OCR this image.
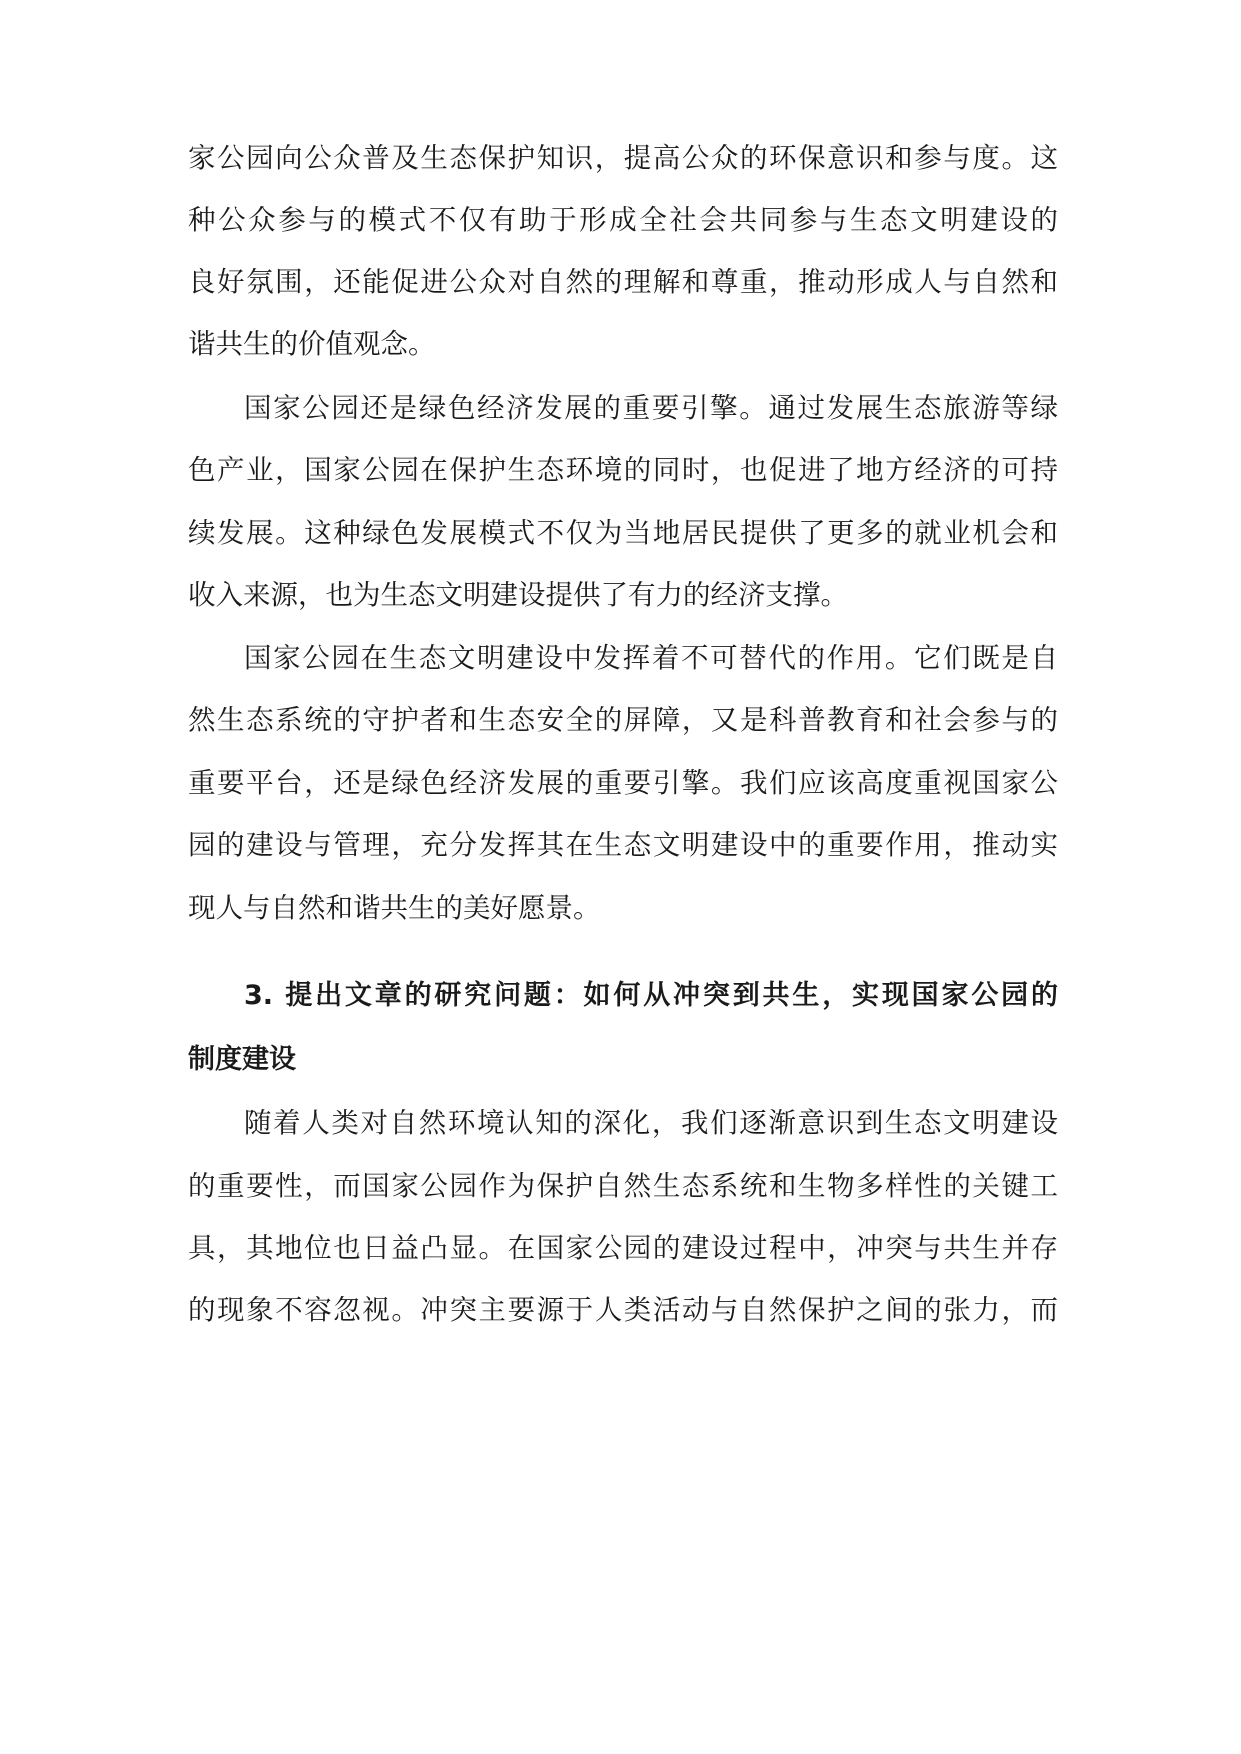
家公园向公众普及生态保护知识，提高公众的环保意识和参与度。这
种公众参与的模式不仅有助于形成全社会共同参与生态文明建设的
良好氛围，还能促进公众对自然的理解和尊重，推动形成人与自然和
谐共生的价值观念。
国家公园还是绿色经济发展的重要引擎。通过发展生态旅游等绿
色产业，国家公园在保护生态环境的同时，也促进了地方经济的可持
续发展。这种绿色发展模式不仅为当地居民提供了更多的就业机会和
收入来源，也为生态文明建设提供了有力的经济支撑。
国家公园在生态文明建设中发挥着不可替代的作用。它们既是自
然生态系统的守护者和生态安全的屏障，又是科普教育和社会参与的
重要平台，还是绿色经济发展的重要引擎。我们应该高度重视国家公
园的建设与管理，充分发挥其在生态文明建设中的重要作用，推动实
现人与自然和谐共生的美好愿景。
3. 提出文章的研究问题：如何从冲突到共生，实现国家公园的
制度建设
随着人类对自然环境认知的深化，我们逐渐意识到生态文明建设
的重要性，而国家公园作为保护自然生态系统和生物多样性的关键工
具，其地位也日益凸显。在国家公园的建设过程中，冲突与共生并存
的现象不容忽视。冲突主要源于人类活动与自然保护之间的张力，而
